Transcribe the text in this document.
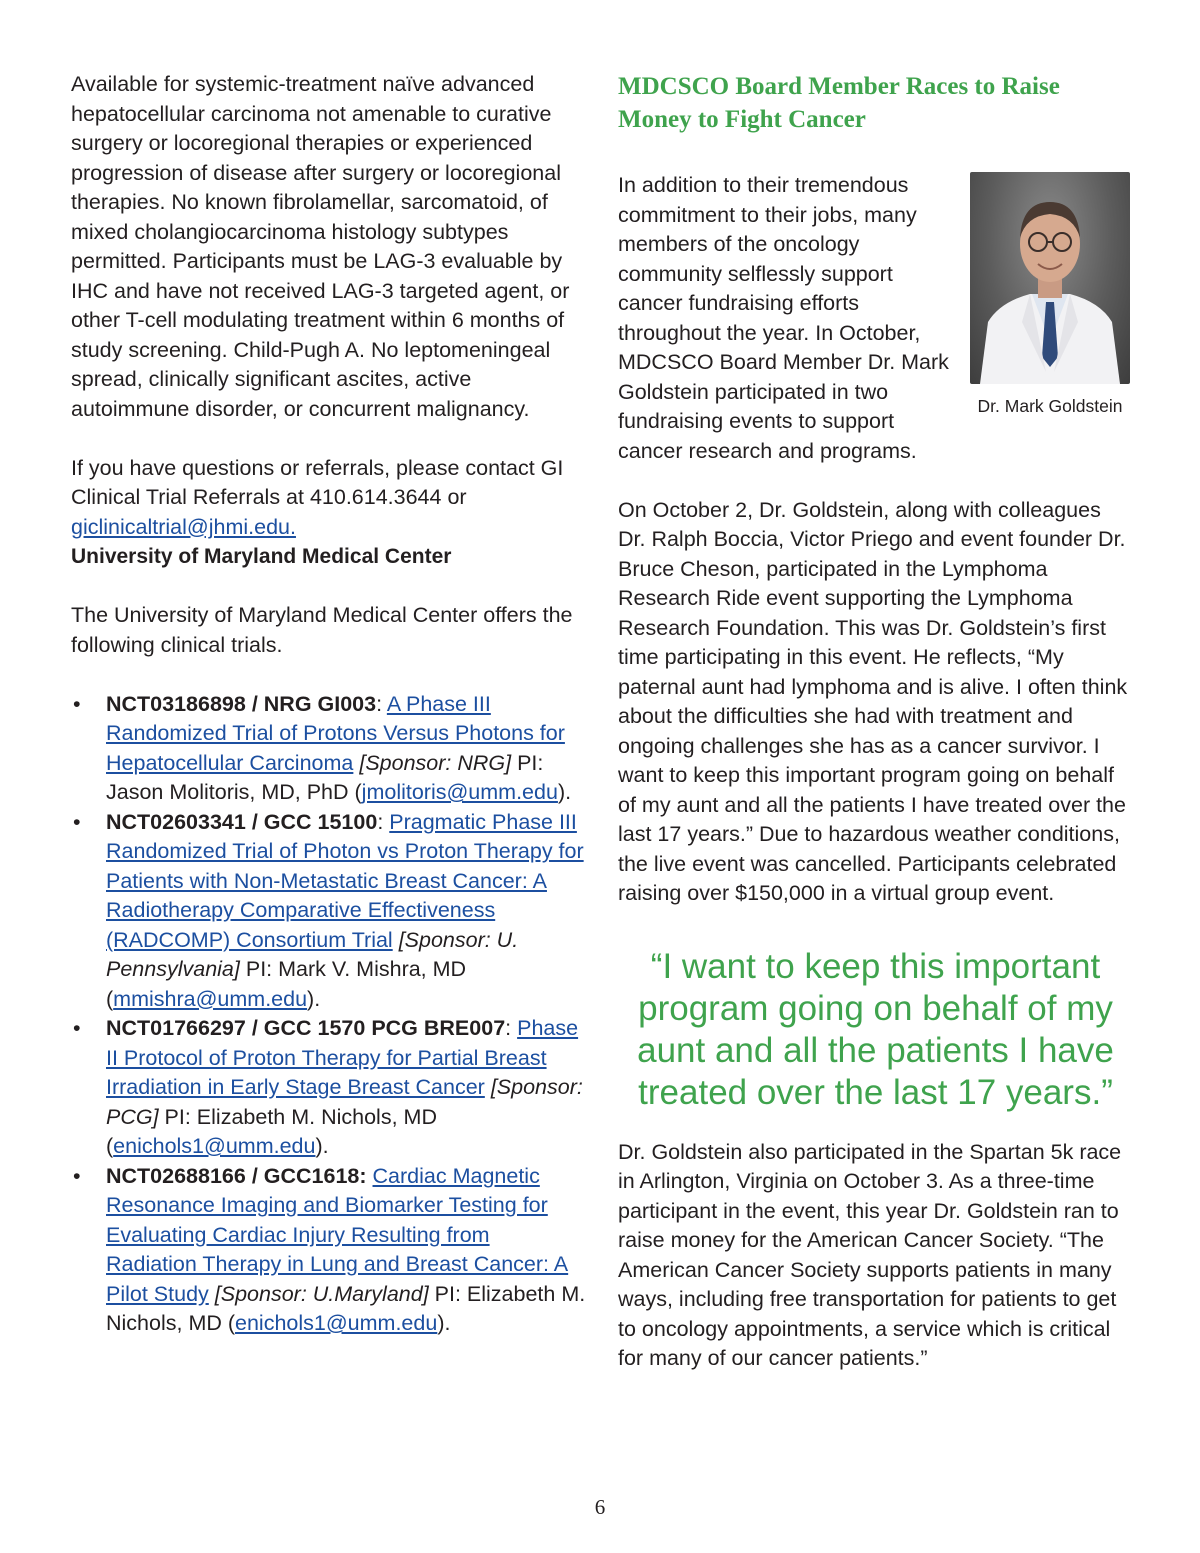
Available for systemic-treatment naïve advanced hepatocellular carcinoma not amenable to curative surgery or locoregional therapies or experienced progression of disease after surgery or locoregional therapies. No known fibrolamellar, sarcomatoid, of mixed cholangiocarcinoma histology subtypes permitted. Participants must be LAG-3 evaluable by IHC and have not received LAG-3 targeted agent, or other T-cell modulating treatment within 6 months of study screening. Child-Pugh A. No leptomeningeal spread, clinically significant ascites, active autoimmune disorder, or concurrent malignancy.

If you have questions or referrals, please contact GI Clinical Trial Referrals at 410.614.3644 or giclinicaltrial@jhmi.edu.

University of Maryland Medical Center

The University of Maryland Medical Center offers the following clinical trials.

• NCT03186898 / NRG GI003: A Phase III Randomized Trial of Protons Versus Photons for Hepatocellular Carcinoma [Sponsor: NRG] PI: Jason Molitoris, MD, PhD (jmolitoris@umm.edu).
• NCT02603341 / GCC 15100: Pragmatic Phase III Randomized Trial of Photon vs Proton Therapy for Patients with Non-Metastatic Breast Cancer: A Radiotherapy Comparative Effectiveness (RADCOMP) Consortium Trial [Sponsor: U. Pennsylvania] PI: Mark V. Mishra, MD (mmishra@umm.edu).
• NCT01766297 / GCC 1570 PCG BRE007: Phase II Protocol of Proton Therapy for Partial Breast Irradiation in Early Stage Breast Cancer [Sponsor: PCG] PI: Elizabeth M. Nichols, MD (enichols1@umm.edu).
• NCT02688166 / GCC1618: Cardiac Magnetic Resonance Imaging and Biomarker Testing for Evaluating Cardiac Injury Resulting from Radiation Therapy in Lung and Breast Cancer: A Pilot Study [Sponsor: U.Maryland] PI: Elizabeth M. Nichols, MD (enichols1@umm.edu).
MDCSCO Board Member Races to Raise Money to Fight Cancer

In addition to their tremendous commitment to their jobs, many members of the oncology community selflessly support cancer fundraising efforts throughout the year. In October, MDCSCO Board Member Dr. Mark Goldstein participated in two fundraising events to support cancer research and programs.

Dr. Mark Goldstein

On October 2, Dr. Goldstein, along with colleagues Dr. Ralph Boccia, Victor Priego and event founder Dr. Bruce Cheson, participated in the Lymphoma Research Ride event supporting the Lymphoma Research Foundation. This was Dr. Goldstein’s first time participating in this event. He reflects, “My paternal aunt had lymphoma and is alive. I often think about the difficulties she had with treatment and ongoing challenges she has as a cancer survivor. I want to keep this important program going on behalf of my aunt and all the patients I have treated over the last 17 years.” Due to hazardous weather conditions, the live event was cancelled. Participants celebrated raising over $150,000 in a virtual group event.

“I want to keep this important program going on behalf of my aunt and all the patients I have treated over the last 17 years.”

Dr. Goldstein also participated in the Spartan 5k race in Arlington, Virginia on October 3. As a three-time participant in the event, this year Dr. Goldstein ran to raise money for the American Cancer Society. “The American Cancer Society supports patients in many ways, including free transportation for patients to get to oncology appointments, a service which is critical for many of our cancer patients.”

6
